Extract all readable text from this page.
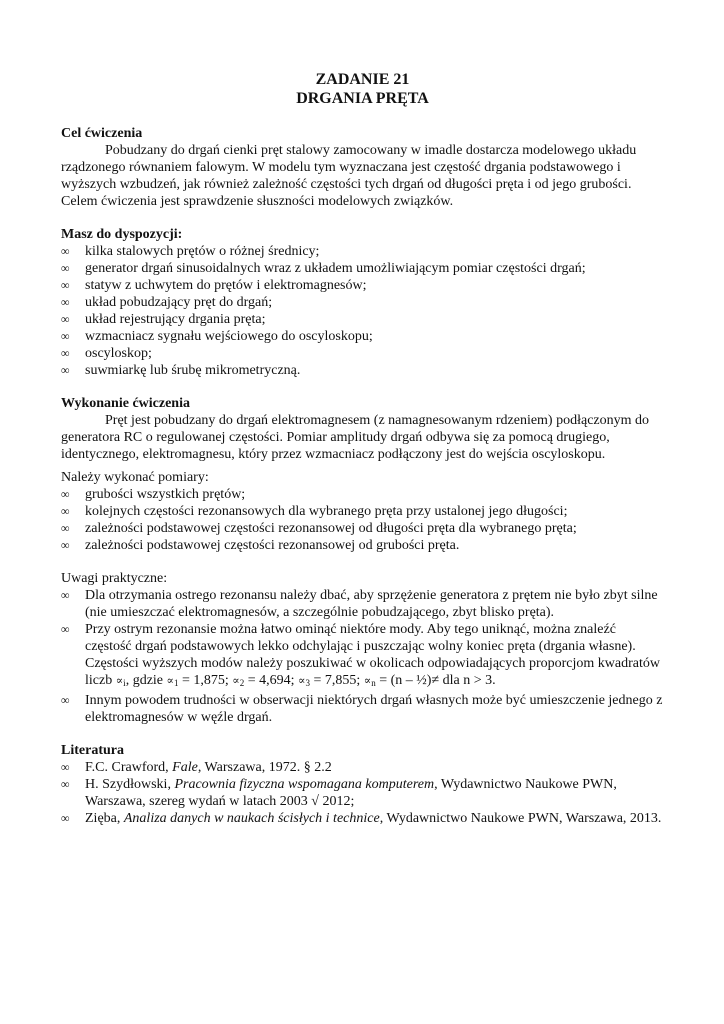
ZADANIE 21
DRGANIA PRĘTA
Cel ćwiczenia

Pobudzany do drgań cienki pręt stalowy zamocowany w imadle dostarcza modelowego układu rządzonego równaniem falowym. W modelu tym wyznaczana jest częstość drgania podstawowego i wyższych wzbudzeń, jak również zależność częstości tych drgań od długości pręta i od jego grubości. Celem ćwiczenia jest sprawdzenie słuszności modelowych związków.

Masz do dyspozycji:
∞ kilka stalowych prętów o różnej średnicy;
∞ generator drgań sinusoidalnych wraz z układem umożliwiającym pomiar częstości drgań;
∞ statyw z uchwytem do prętów i elektromagnesów;
∞ układ pobudzający pręt do drgań;
∞ układ rejestrujący drgania pręta;
∞ wzmacniacz sygnału wejściowego do oscyloskopu;
∞ oscyloskop;
∞ suwmiarkę lub śrubę mikrometryczną.
Wykonanie ćwiczenia

Pręt jest pobudzany do drgań elektromagnesem (z namagnesowanym rdzeniem) podłączonym do generatora RC o regulowanej częstości. Pomiar amplitudy drgań odbywa się za pomocą drugiego, identycznego, elektromagnesu, który przez wzmacniacz podłączony jest do wejścia oscyloskopu.

Należy wykonać pomiary:

∞ grubości wszystkich prętów;
∞ kolejnych częstości rezonansowych dla wybranego pręta przy ustalonej jego długości;
∞ zależności podstawowej częstości rezonansowej od długości pręta dla wybranego pręta;
∞ zależności podstawowej częstości rezonansowej od grubości pręta.

Uwagi praktyczne:

∞ Dla otrzymania ostrego rezonansu należy dbać, aby sprzężenie generatora z prętem nie było zbyt silne (nie umieszczać elektromagnesów, a szczególnie pobudzającego, zbyt blisko pręta).
∞ Przy ostrym rezonansie można łatwo ominąć niektóre mody. Aby tego uniknąć, można znaleźć częstość drgań podstawowych lekko odchylając i puszczając wolny koniec pręta (drgania własne). Częstości wyższych modów należy poszukiwać w okolicach odpowiadających proporcjom kwadratów liczb $\propto_i$, gdzie $\propto_1 = 1,875$; $\propto_2 = 4,694$; $\propto_3 = 7,855$; $\propto_n = (n$ – ½)≠ dla n > 3.
∞ Innym powodem trudności w obserwacji niektórych drgań własnych może być umieszczenie jednego z elektromagnesów w węźle drgań.
Literatura
∞ F.C. Crawford, Fale, Warszawa, 1972. § 2.2
∞ H. Szydłowski, Pracownia fizyczna wspomagana komputerem, Wydawnictwo Naukowe PWN, Warszawa, szereg wydań w latach 2003 √ 2012;
∞ Zięba, Analiza danych w naukach ścisłych i technice, Wydawnictwo Naukowe PWN, Warszawa, 2013.
